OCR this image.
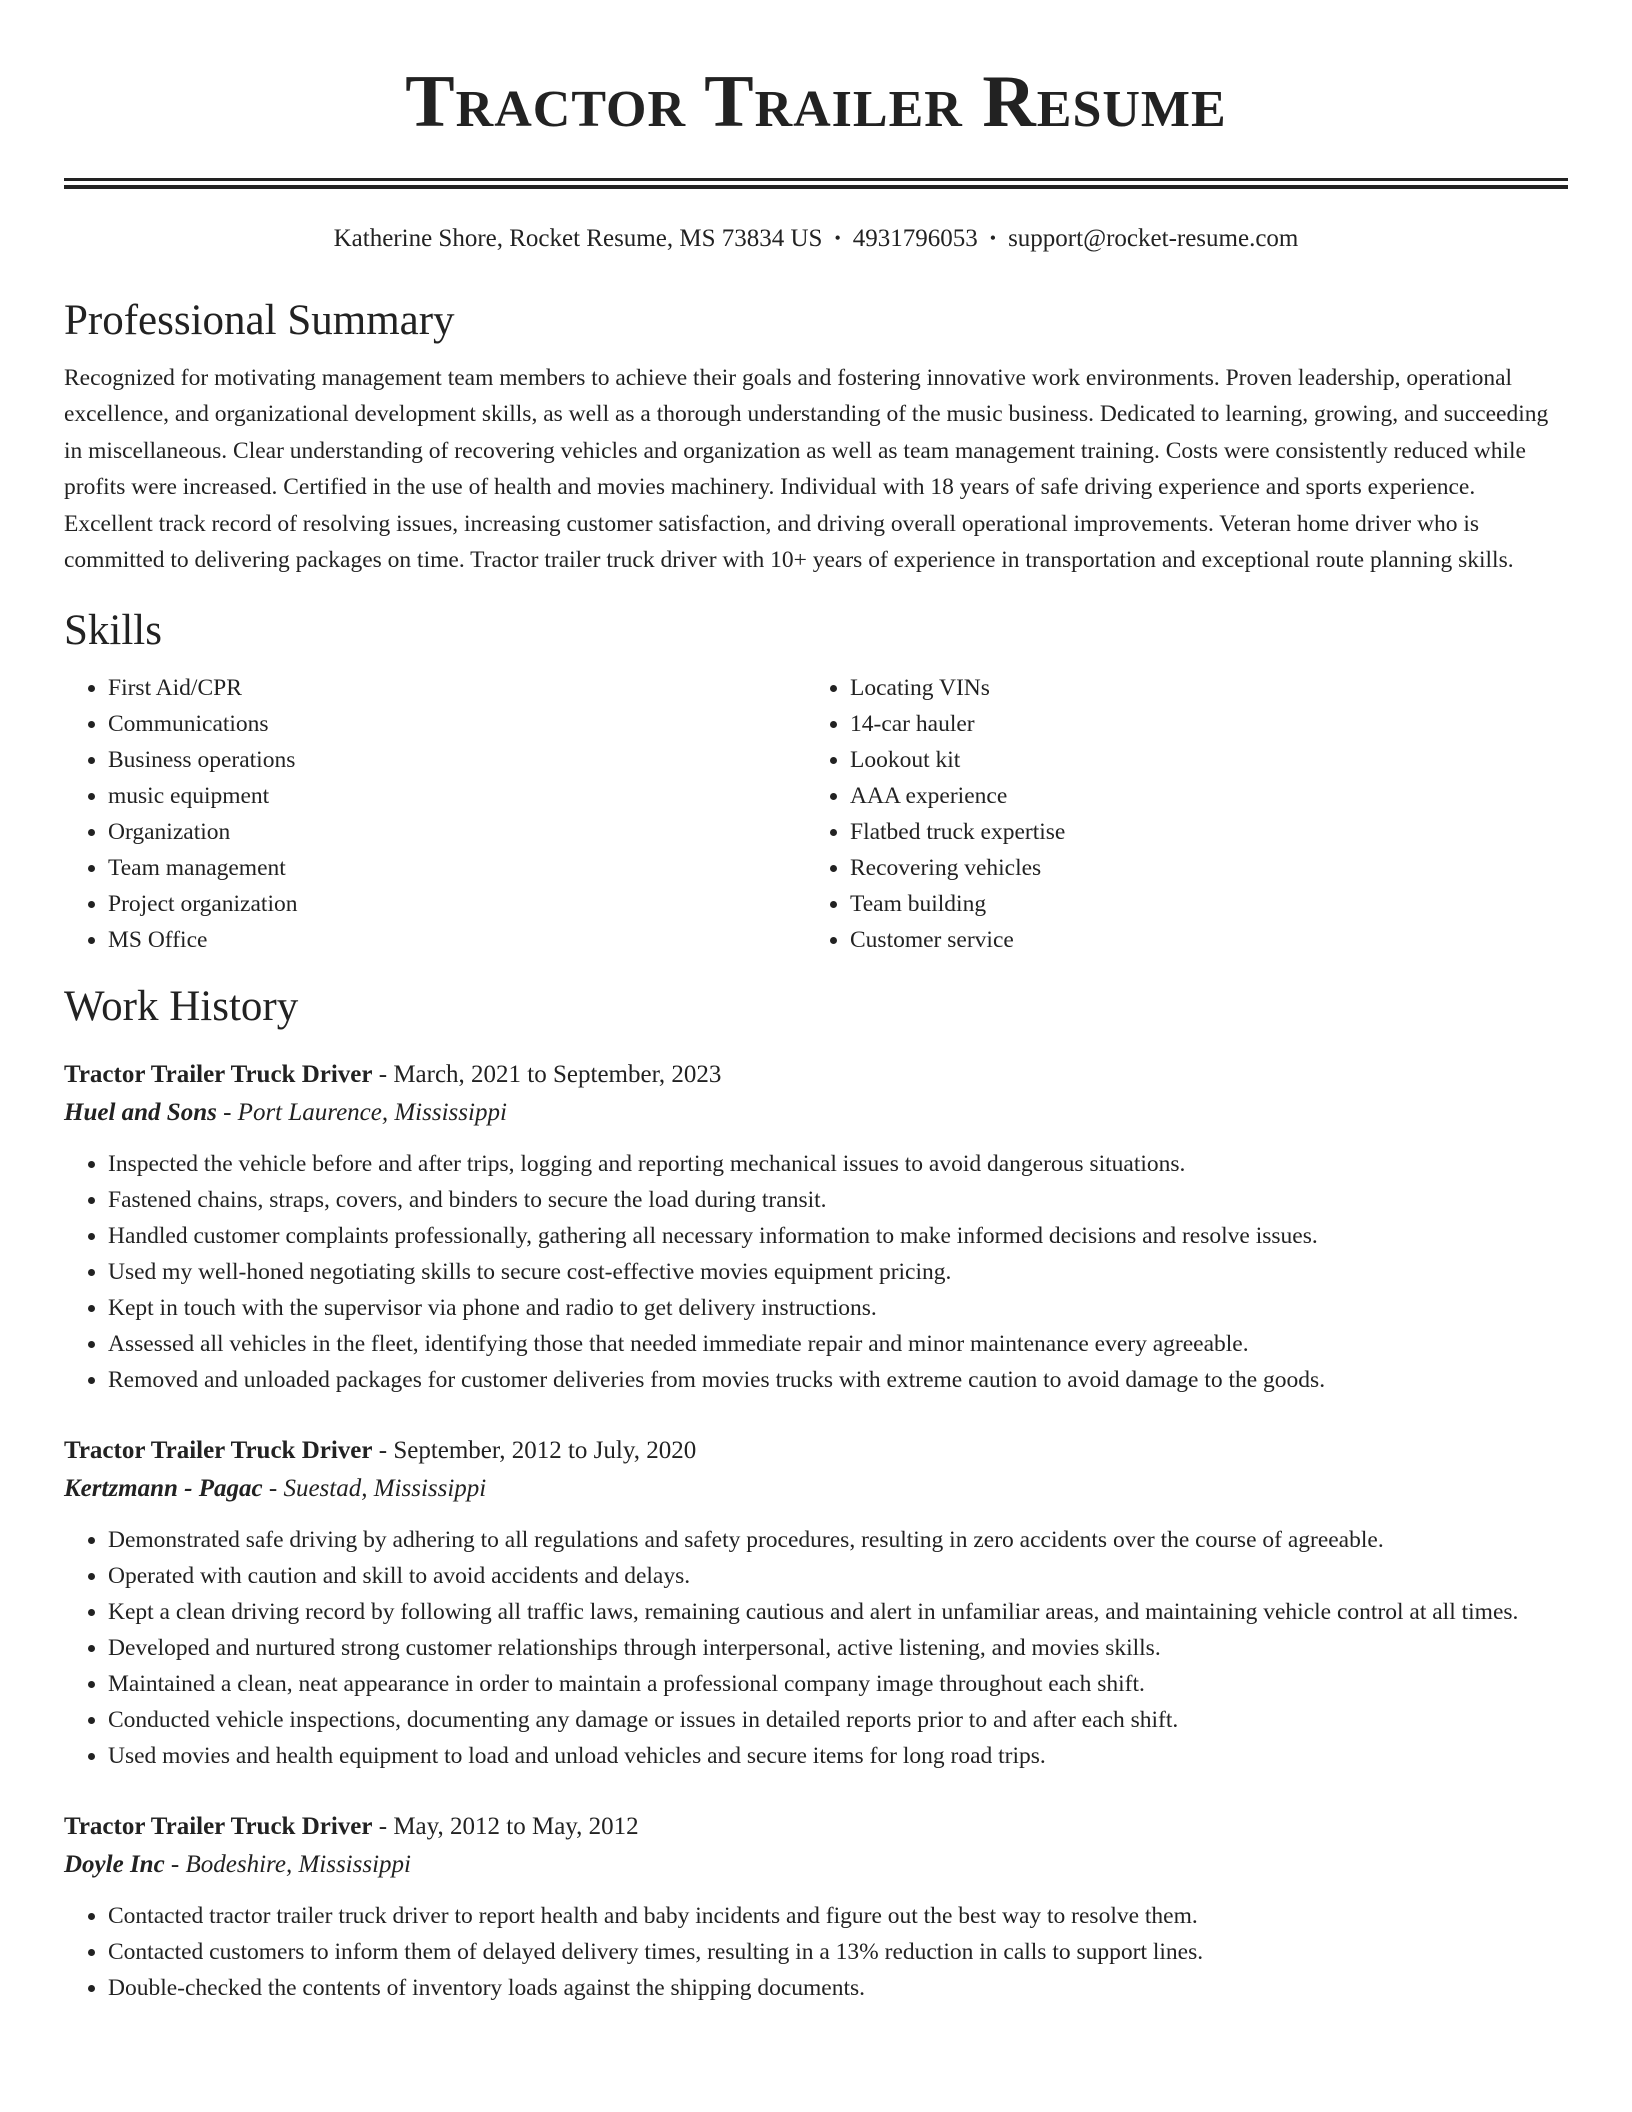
Tractor Trailer Resume
Katherine Shore, Rocket Resume, MS 73834 US • 4931796053 • support@rocket-resume.com
Professional Summary
Recognized for motivating management team members to achieve their goals and fostering innovative work environments. Proven leadership, operational excellence, and organizational development skills, as well as a thorough understanding of the music business. Dedicated to learning, growing, and succeeding in miscellaneous. Clear understanding of recovering vehicles and organization as well as team management training. Costs were consistently reduced while profits were increased. Certified in the use of health and movies machinery. Individual with 18 years of safe driving experience and sports experience. Excellent track record of resolving issues, increasing customer satisfaction, and driving overall operational improvements. Veteran home driver who is committed to delivering packages on time. Tractor trailer truck driver with 10+ years of experience in transportation and exceptional route planning skills.
Skills
• First Aid/CPR
• Communications
• Business operations
• music equipment
• Organization
• Team management
• Project organization
• MS Office
• Locating VINs
• 14-car hauler
• Lookout kit
• AAA experience
• Flatbed truck expertise
• Recovering vehicles
• Team building
• Customer service
Work History
Tractor Trailer Truck Driver - March, 2021 to September, 2023
Huel and Sons - Port Laurence, Mississippi
• Inspected the vehicle before and after trips, logging and reporting mechanical issues to avoid dangerous situations.
• Fastened chains, straps, covers, and binders to secure the load during transit.
• Handled customer complaints professionally, gathering all necessary information to make informed decisions and resolve issues.
• Used my well-honed negotiating skills to secure cost-effective movies equipment pricing.
• Kept in touch with the supervisor via phone and radio to get delivery instructions.
• Assessed all vehicles in the fleet, identifying those that needed immediate repair and minor maintenance every agreeable.
• Removed and unloaded packages for customer deliveries from movies trucks with extreme caution to avoid damage to the goods.
Tractor Trailer Truck Driver - September, 2012 to July, 2020
Kertzmann - Pagac - Suestad, Mississippi
• Demonstrated safe driving by adhering to all regulations and safety procedures, resulting in zero accidents over the course of agreeable.
• Operated with caution and skill to avoid accidents and delays.
• Kept a clean driving record by following all traffic laws, remaining cautious and alert in unfamiliar areas, and maintaining vehicle control at all times.
• Developed and nurtured strong customer relationships through interpersonal, active listening, and movies skills.
• Maintained a clean, neat appearance in order to maintain a professional company image throughout each shift.
• Conducted vehicle inspections, documenting any damage or issues in detailed reports prior to and after each shift.
• Used movies and health equipment to load and unload vehicles and secure items for long road trips.
Tractor Trailer Truck Driver - May, 2012 to May, 2012
Doyle Inc - Bodeshire, Mississippi
• Contacted tractor trailer truck driver to report health and baby incidents and figure out the best way to resolve them.
• Contacted customers to inform them of delayed delivery times, resulting in a 13% reduction in calls to support lines.
• Double-checked the contents of inventory loads against the shipping documents.
